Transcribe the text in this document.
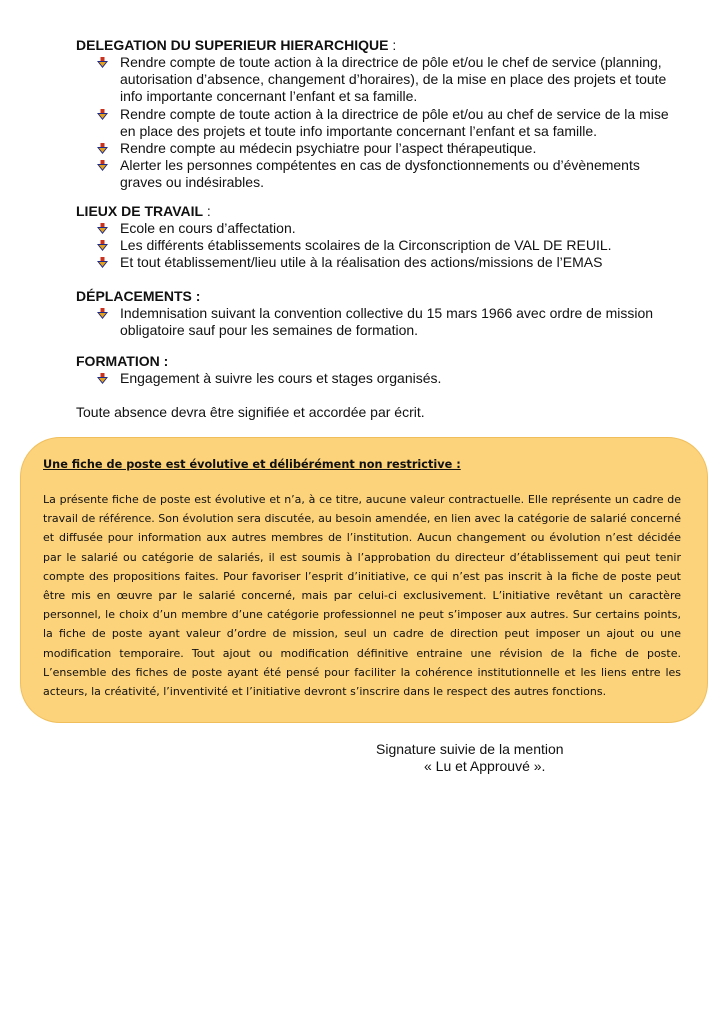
DELEGATION DU SUPERIEUR HIERARCHIQUE :

Rendre compte de toute action à la directrice de pôle et/ou le chef de service (planning, autorisation d’absence, changement d’horaires), de la mise en place des projets et toute info importante concernant l’enfant et sa famille.
Rendre compte de toute action à la directrice de pôle et/ou au chef de service de la mise en place des projets et toute info importante concernant l’enfant et sa famille.
Rendre compte au médecin psychiatre pour l’aspect thérapeutique.
Alerter les personnes compétentes en cas de dysfonctionnements ou d’évènements graves ou indésirables.

LIEUX DE TRAVAIL :

Ecole en cours d’affectation.
Les différents établissements scolaires de la Circonscription de VAL DE REUIL.
Et tout établissement/lieu utile à la réalisation des actions/missions de l’EMAS

DÉPLACEMENTS :

Indemnisation suivant la convention collective du 15 mars 1966 avec ordre de mission obligatoire sauf pour les semaines de formation.

FORMATION :

Engagement à suivre les cours et stages organisés.
Toute absence devra être signifiée et accordée par écrit.

Une fiche de poste est évolutive et délibérément non restrictive :

La présente fiche de poste est évolutive et n’a, à ce titre, aucune valeur contractuelle. Elle représente un cadre de travail de référence. Son évolution sera discutée, au besoin amendée, en lien avec la catégorie de salarié concerné et diffusée pour information aux autres membres de l’institution. Aucun changement ou évolution n’est décidée par le salarié ou catégorie de salariés, il est soumis à l’approbation du directeur d’établissement qui peut tenir compte des propositions faites. Pour favoriser l’esprit d’initiative, ce qui n’est pas inscrit à la fiche de poste peut être mis en œuvre par le salarié concerné, mais par celui-ci exclusivement. L’initiative revêtant un caractère personnel, le choix d’un membre d’une catégorie professionnel ne peut s’imposer aux autres. Sur certains points, la fiche de poste ayant valeur d’ordre de mission, seul un cadre de direction peut imposer un ajout ou une modification temporaire. Tout ajout ou modification définitive entraine une révision de la fiche de poste. L’ensemble des fiches de poste ayant été pensé pour faciliter la cohérence institutionnelle et les liens entre les acteurs, la créativité, l’inventivité et l’initiative devront s’inscrire dans le respect des autres fonctions.

Signature suivie de la mention
« Lu et Approuvé ».
